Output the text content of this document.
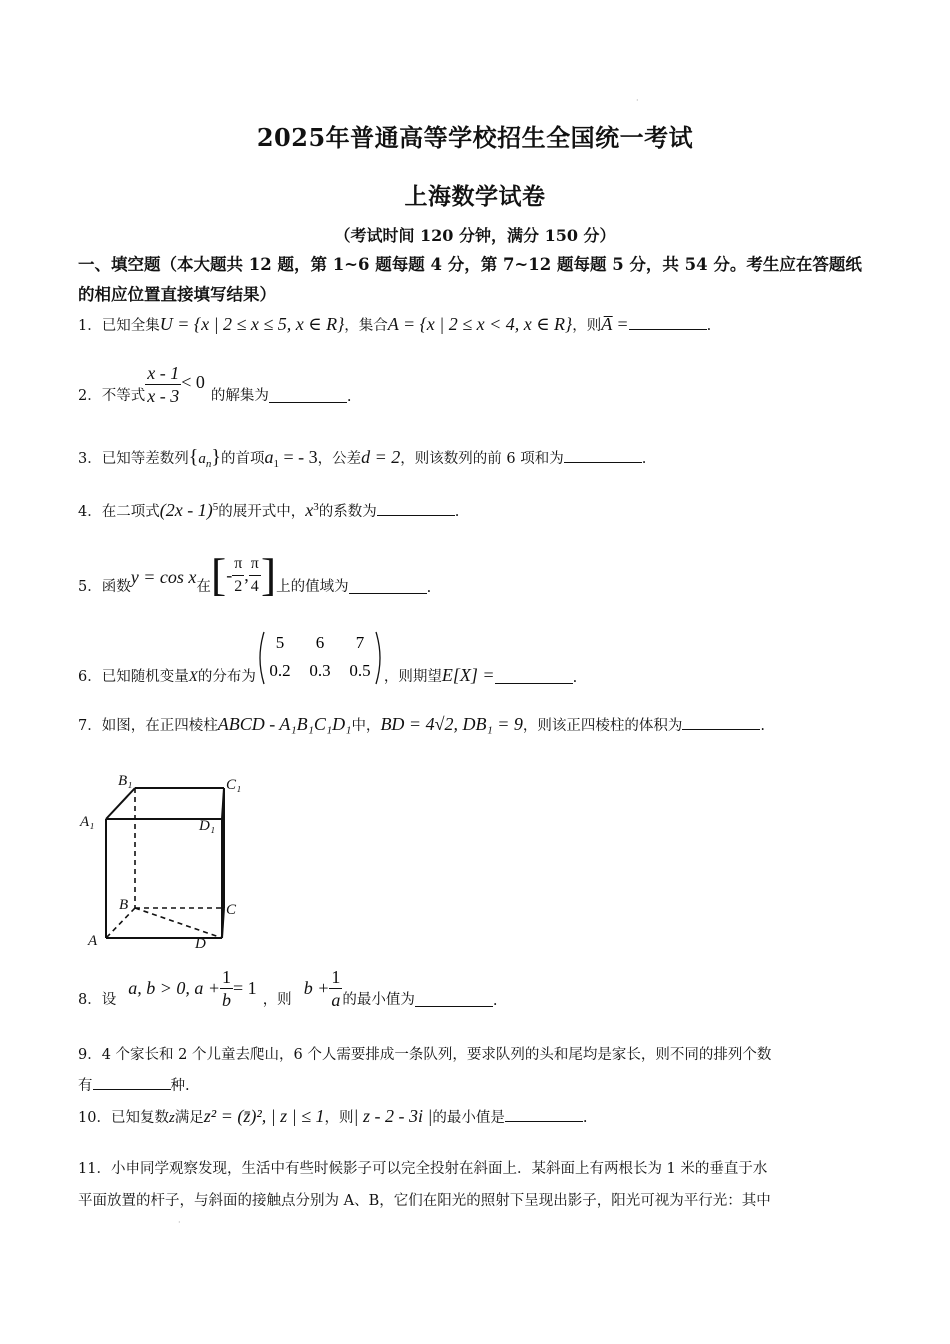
·
2025年普通高等学校招生全国统一考试
上海数学试卷
（考试时间 120 分钟，满分 150 分）
一、填空题（本大题共 12 题，第 1~6 题每题 4 分，第 7~12 题每题 5 分，共 54 分。考生应在答题纸的相应位置直接填写结果）
1．已知全集U = {x | 2 ≤ x ≤ 5, x ∈ R}，集合A = {x | 2 ≤ x < 4, x ∈ R}，则A̅ =	.
2．不等式 $\frac{x - 1}{x - 3} < 0$的解集为	.
3．已知等差数列$\{a_n\}$的首项$a_1$ = - 3，公差d = 2，则该数列的前 6 项和为	.
4．在二项式(2x - 1)$^5$的展开式中，$x^3$的系数为	.
5．函数y = cos x在[- $\frac{\pi}{2}$ , $\frac{\pi}{4}$ ]上的值域为	.
6．已知随机变量X的分布为
5 6 7
0.2 0.3 0.5 ，则期望E[X] =	.
7．如图，在正四棱柱ABCD - A₁B₁C₁D₁中，BD = 4√2, DB₁ = 9，则该正四棱柱的体积为	.
B₁	C₁
A₁	D₁
B	C
A	D
8．设a, b > 0, $a + \frac{1}{b} = 1$，则$b + \frac{1}{a}$ 的最小值为	.
9．4 个家长和 2 个儿童去爬山，6 个人需要排成一条队列，要求队列的头和尾均是家长，则不同的排列个数
有	种.
10．已知复数z满足z² = (z̄)², | z | ≤ 1，则| z - 2 - 3i |的最小值是	.
11．小申同学观察发现，生活中有些时候影子可以完全投射在斜面上．某斜面上有两根长为 1 米的垂直于水
平面放置的杆子，与斜面的接触点分别为 A、B，它们在阳光的照射下呈现出影子，阳光可视为平行光：其中
·
